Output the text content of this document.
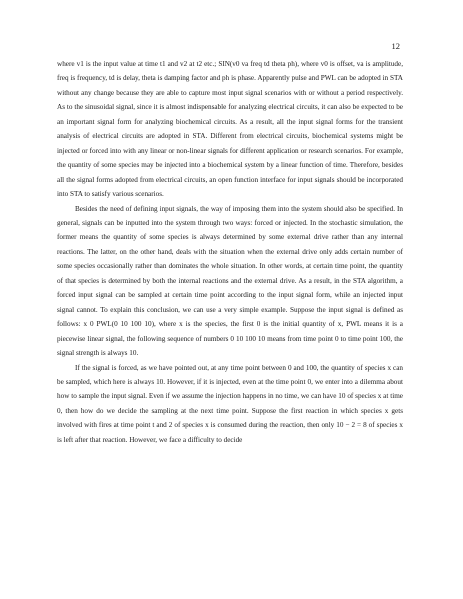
12

where v1 is the input value at time t1 and v2 at t2 etc.; SIN(v0 va freq td theta ph), where v0 is offset, va is amplitude, freq is frequency, td is delay, theta is damping factor and ph is phase. Apparently pulse and PWL can be adopted in STA without any change because they are able to capture most input signal scenarios with or without a period respectively. As to the sinusoidal signal, since it is almost indispensable for analyzing electrical circuits, it can also be expected to be an important signal form for analyzing biochemical circuits. As a result, all the input signal forms for the transient analysis of electrical circuits are adopted in STA. Different from electrical circuits, biochemical systems might be injected or forced into with any linear or non-linear signals for different application or research scenarios. For example, the quantity of some species may be injected into a biochemical system by a linear function of time. Therefore, besides all the signal forms adopted from electrical circuits, an open function interface for input signals should be incorporated into STA to satisfy various scenarios.

Besides the need of defining input signals, the way of imposing them into the system should also be specified. In general, signals can be inputted into the system through two ways: forced or injected. In the stochastic simulation, the former means the quantity of some species is always determined by some external drive rather than any internal reactions. The latter, on the other hand, deals with the situation when the external drive only adds certain number of some species occasionally rather than dominates the whole situation. In other words, at certain time point, the quantity of that species is determined by both the internal reactions and the external drive. As a result, in the STA algorithm, a forced input signal can be sampled at certain time point according to the input signal form, while an injected input signal cannot. To explain this conclusion, we can use a very simple example. Suppose the input signal is defined as follows: x 0 PWL(0 10 100 10), where x is the species, the first 0 is the initial quantity of x, PWL means it is a piecewise linear signal, the following sequence of numbers 0 10 100 10 means from time point 0 to time point 100, the signal strength is always 10.

If the signal is forced, as we have pointed out, at any time point between 0 and 100, the quantity of species x can be sampled, which here is always 10. However, if it is injected, even at the time point 0, we enter into a dilemma about how to sample the input signal. Even if we assume the injection happens in no time, we can have 10 of species x at time 0, then how do we decide the sampling at the next time point. Suppose the first reaction in which species x gets involved with fires at time point t and 2 of species x is consumed during the reaction, then only 10 − 2 = 8 of species x is left after that reaction. However, we face a difficulty to decide
